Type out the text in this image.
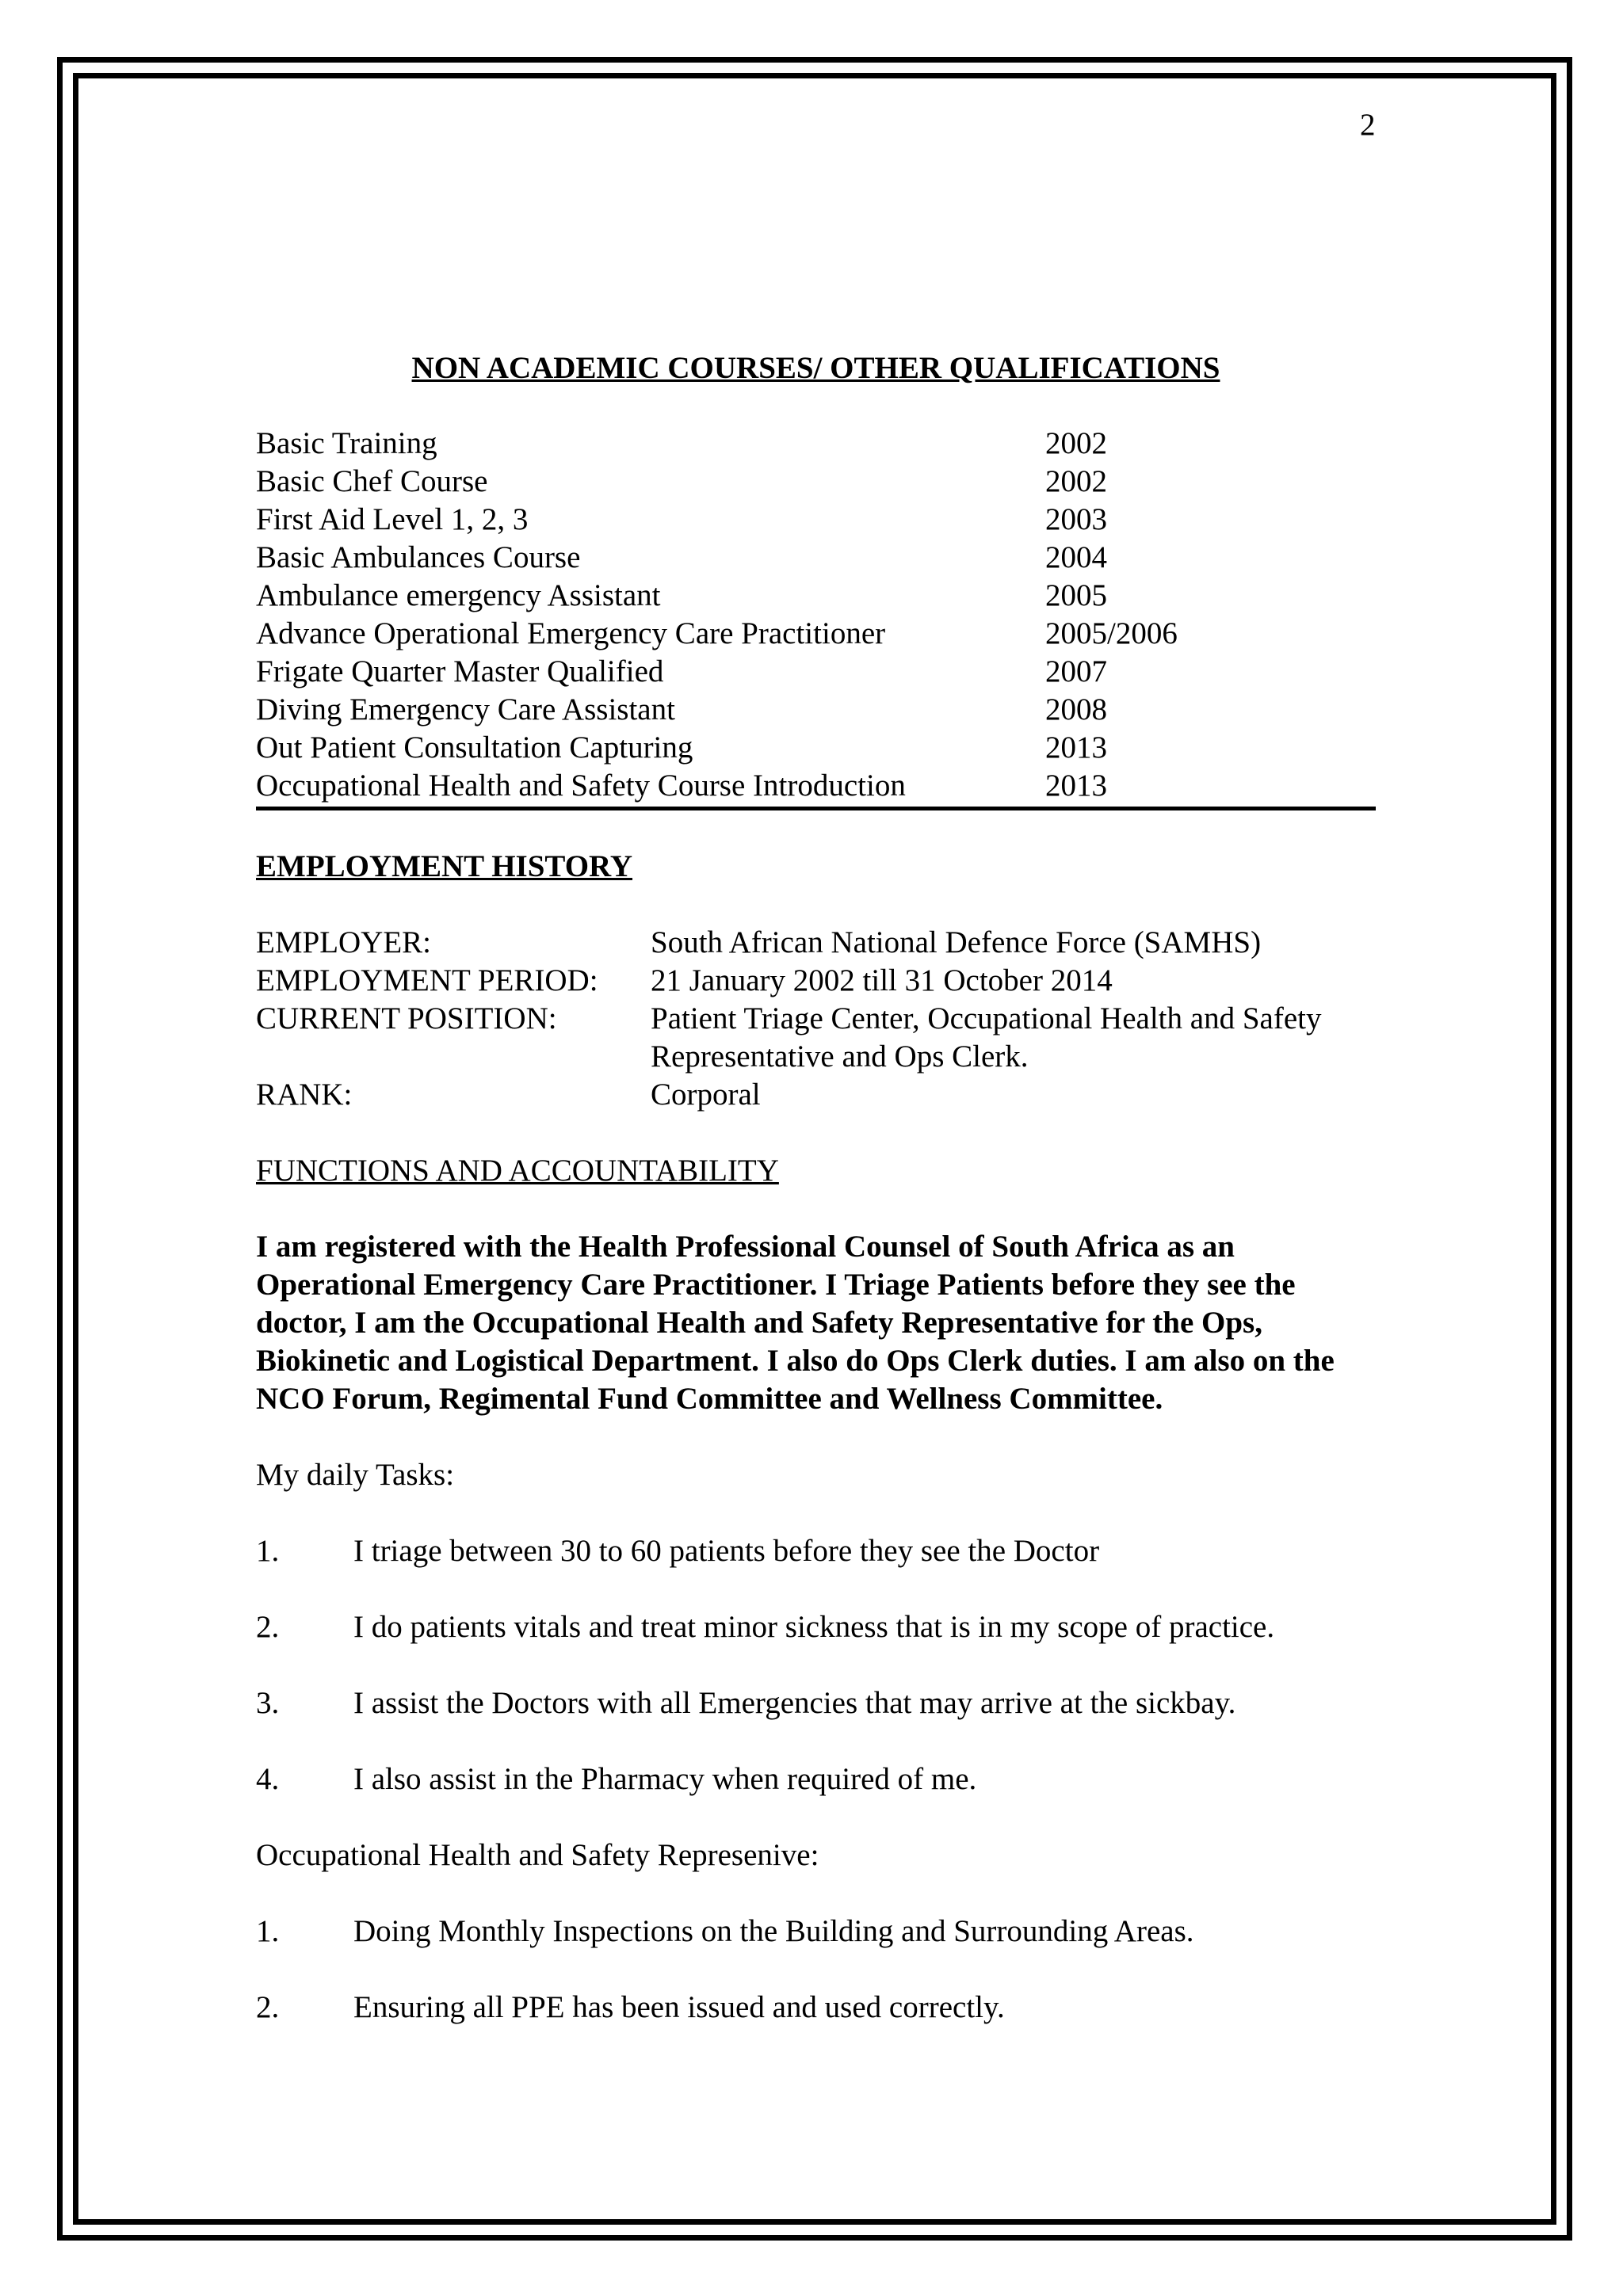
2
NON ACADEMIC COURSES/ OTHER QUALIFICATIONS
Basic Training	2002
Basic Chef Course	2002
First Aid Level 1, 2, 3	2003
Basic Ambulances Course	2004
Ambulance emergency Assistant	2005
Advance Operational Emergency Care Practitioner	2005/2006
Frigate Quarter Master Qualified	2007
Diving Emergency Care Assistant	2008
Out Patient Consultation Capturing	2013
Occupational Health and Safety Course Introduction	2013
EMPLOYMENT HISTORY
EMPLOYER:	South African National Defence Force (SAMHS)
EMPLOYMENT PERIOD:	21 January 2002 till 31 October 2014
CURRENT POSITION:	Patient Triage Center, Occupational Health and Safety Representative and Ops Clerk.
RANK:	Corporal
FUNCTIONS AND ACCOUNTABILITY
I am registered with the Health Professional Counsel of South Africa as an Operational Emergency Care Practitioner. I Triage Patients before they see the doctor, I am the Occupational Health and Safety Representative for the Ops, Biokinetic and Logistical Department. I also do Ops Clerk duties. I am also on the NCO Forum, Regimental Fund Committee and Wellness Committee.
My daily Tasks:
1.	I triage between 30 to 60 patients before they see the Doctor
2.	I do patients vitals and treat minor sickness that is in my scope of practice.
3.	I assist the Doctors with all Emergencies that may arrive at the sickbay.
4.	I also assist in the Pharmacy when required of me.
Occupational Health and Safety Represenive:
1.	Doing Monthly Inspections on the Building and Surrounding Areas.
2.	Ensuring all PPE has been issued and used correctly.
